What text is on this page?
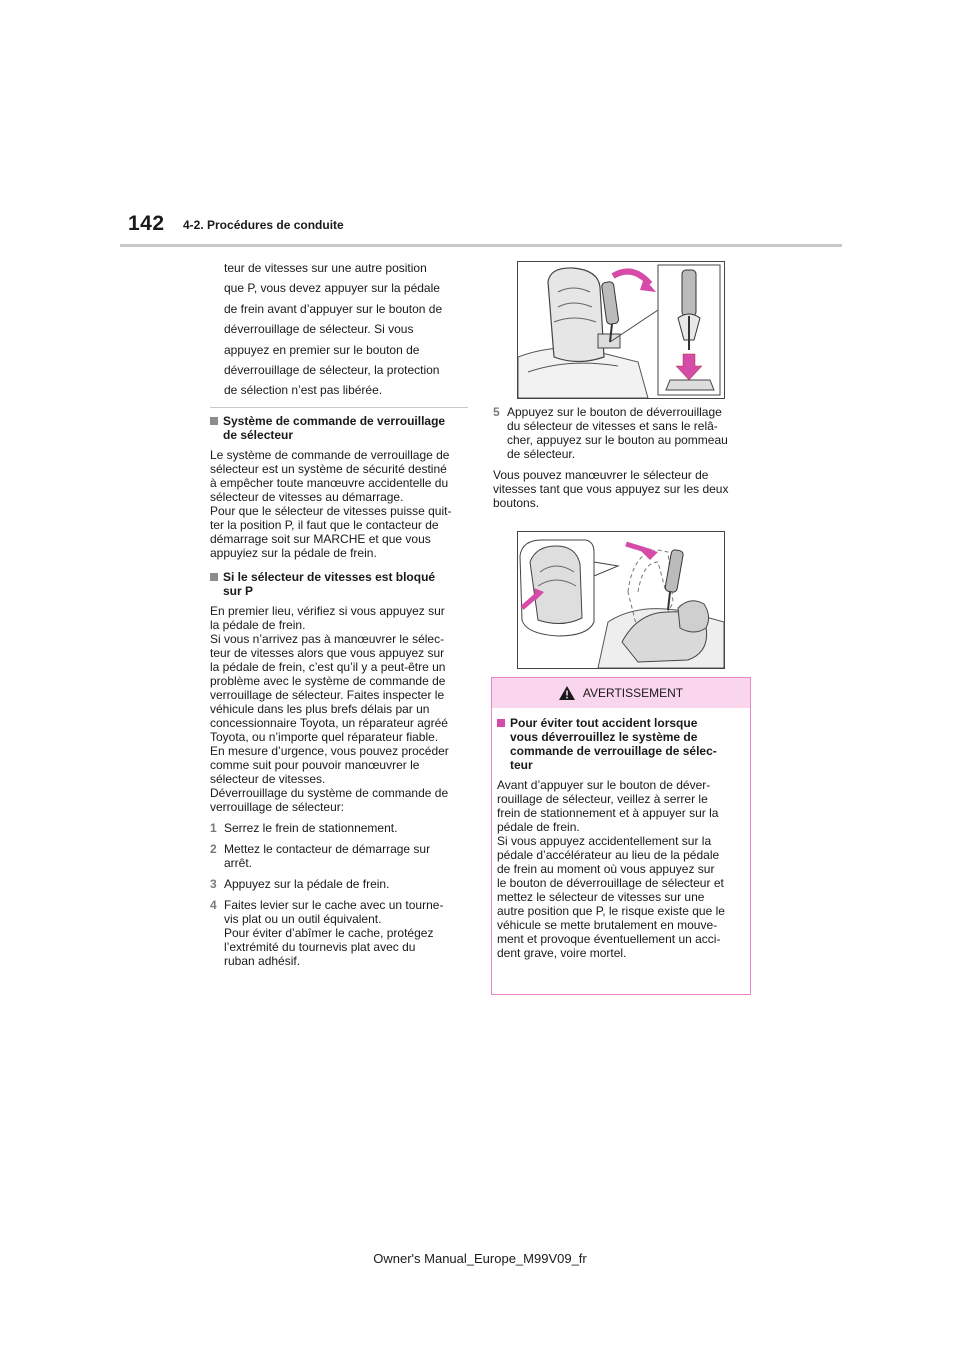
142 4-2. Procédures de conduite
teur de vitesses sur une autre position
que P, vous devez appuyer sur la pédale
de frein avant d’appuyer sur le bouton de
déverrouillage de sélecteur. Si vous
appuyez en premier sur le bouton de
déverrouillage de sélecteur, la protection
de sélection n’est pas libérée.
Système de commande de verrouillage
de sélecteur
Le système de commande de verrouillage de
sélecteur est un système de sécurité destiné
à empêcher toute manœuvre accidentelle du
sélecteur de vitesses au démarrage.
Pour que le sélecteur de vitesses puisse quit-
ter la position P, il faut que le contacteur de
démarrage soit sur MARCHE et que vous
appuyiez sur la pédale de frein.
Si le sélecteur de vitesses est bloqué
sur P
En premier lieu, vérifiez si vous appuyez sur
la pédale de frein.
Si vous n’arrivez pas à manœuvrer le sélec-
teur de vitesses alors que vous appuyez sur
la pédale de frein, c’est qu’il y a peut-être un
problème avec le système de commande de
verrouillage de sélecteur. Faites inspecter le
véhicule dans les plus brefs délais par un
concessionnaire Toyota, un réparateur agréé
Toyota, ou n’importe quel réparateur fiable.
En mesure d’urgence, vous pouvez procéder
comme suit pour pouvoir manœuvrer le
sélecteur de vitesses.
Déverrouillage du système de commande de
verrouillage de sélecteur:
1 Serrez le frein de stationnement.
2 Mettez le contacteur de démarrage sur
arrêt.
3 Appuyez sur la pédale de frein.
4 Faites levier sur le cache avec un tourne-
vis plat ou un outil équivalent.
Pour éviter d’abîmer le cache, protégez
l’extrémité du tournevis plat avec du
ruban adhésif.
5 Appuyez sur le bouton de déverrouillage
du sélecteur de vitesses et sans le relâ-
cher, appuyez sur le bouton au pommeau
de sélecteur.
Vous pouvez manœuvrer le sélecteur de
vitesses tant que vous appuyez sur les deux
boutons.
AVERTISSEMENT
Pour éviter tout accident lorsque
vous déverrouillez le système de
commande de verrouillage de sélec-
teur
Avant d’appuyer sur le bouton de déver-
rouillage de sélecteur, veillez à serrer le
frein de stationnement et à appuyer sur la
pédale de frein.
Si vous appuyez accidentellement sur la
pédale d’accélérateur au lieu de la pédale
de frein au moment où vous appuyez sur
le bouton de déverrouillage de sélecteur et
mettez le sélecteur de vitesses sur une
autre position que P, le risque existe que le
véhicule se mette brutalement en mouve-
ment et provoque éventuellement un acci-
dent grave, voire mortel.
Owner's Manual_Europe_M99V09_fr
